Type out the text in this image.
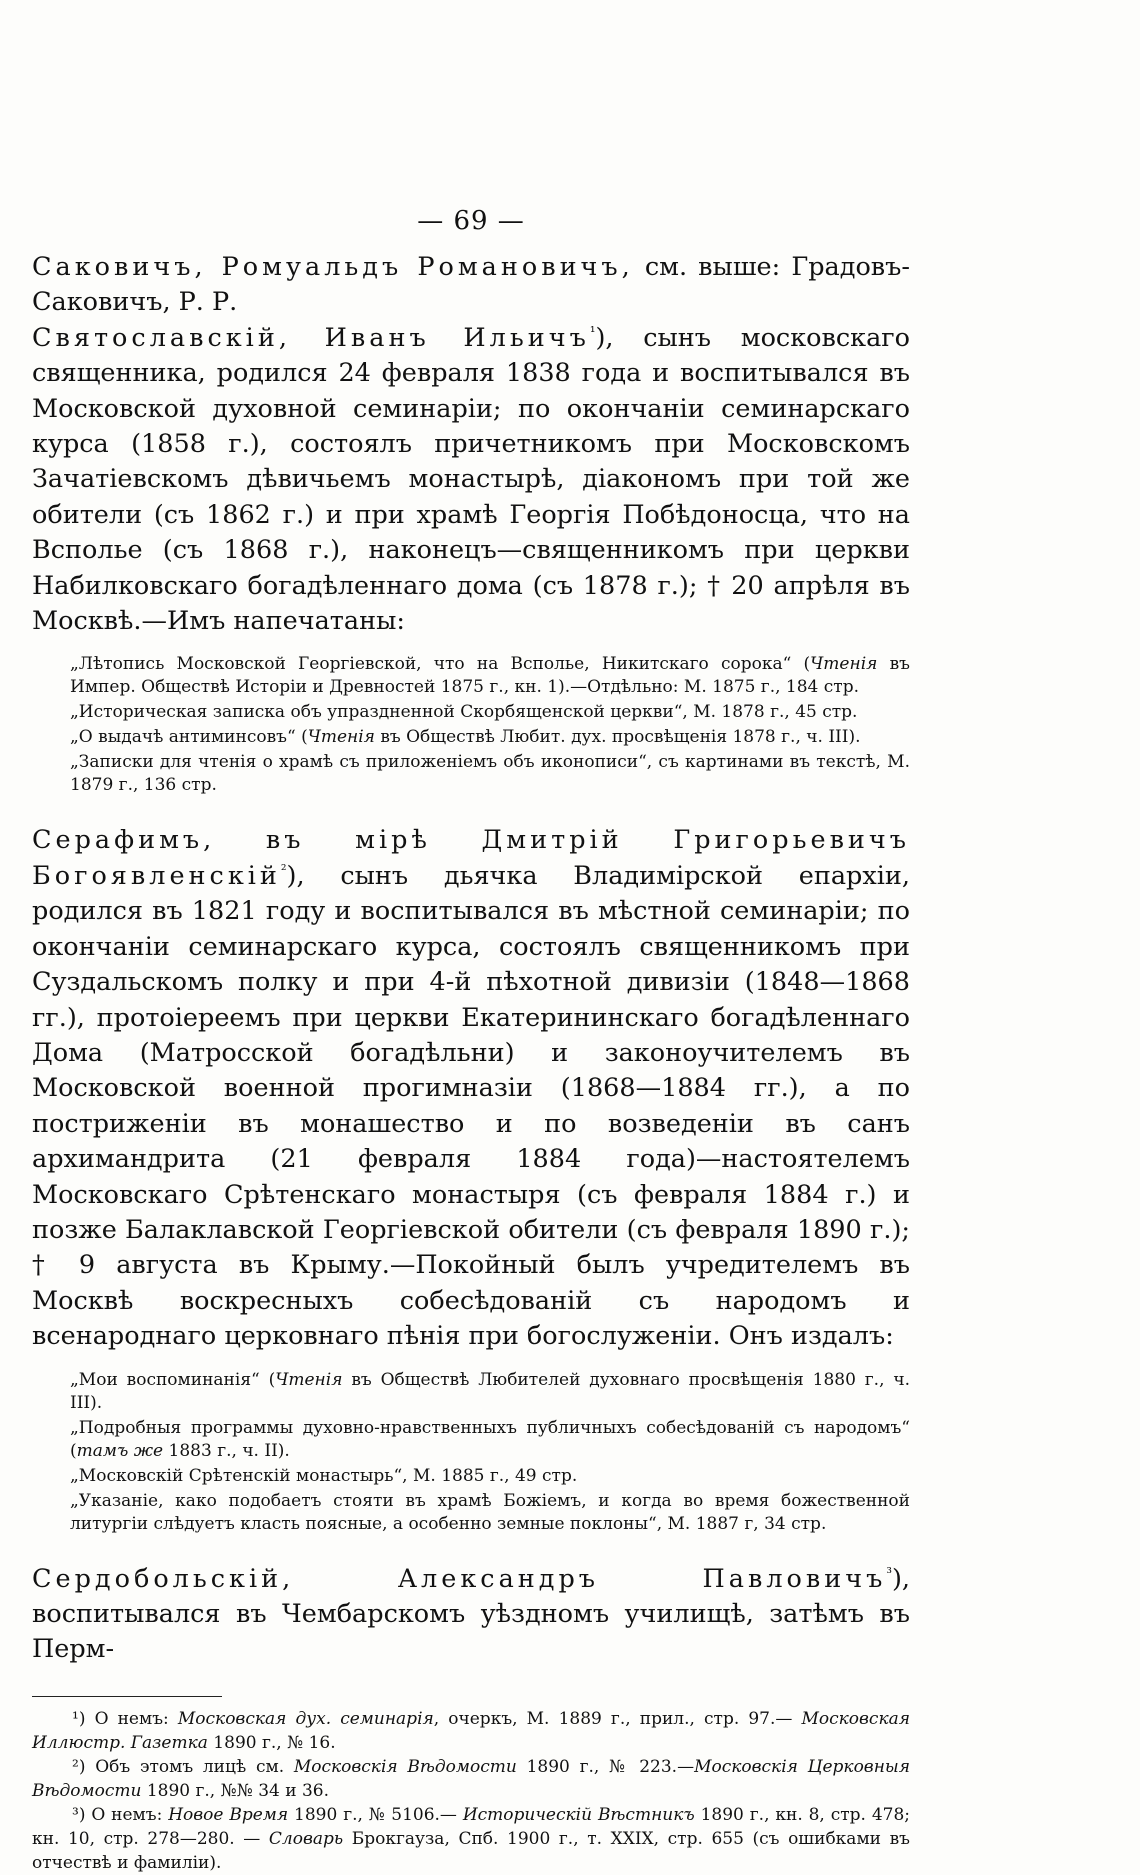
— 69 —

Саковичъ, Ромуальдъ Романовичъ, см. выше: Градовъ-Саковичъ, Р. Р.

Святославскій, Иванъ Ильичъ$^{^1}$), сынъ московскаго священника, родился 24 февраля 1838 года и воспитывался въ Московской духовной семинаріи; по окончаніи семинарскаго курса (1858 г.), состоялъ причетникомъ при Московскомъ Зачатіевскомъ дѣвичьемъ монастырѣ, діакономъ при той же обители (съ 1862 г.) и при храмѣ Георгія Побѣдоносца, что на Всполье (съ 1868 г.), наконецъ—священникомъ при церкви Набилковскаго богадѣленнаго дома (съ 1878 г.); † 20 апрѣля въ Москвѣ.—Имъ напечатаны:

„Лѣтопись Московской Георгіевской, что на Всполье, Никитскаго сорока“ (Чтенія въ Импер. Обществѣ Исторіи и Древностей 1875 г., кн. 1).—Отдѣльно: М. 1875 г., 184 стр.

„Историческая записка объ упраздненной Скорбященской церкви“, М. 1878 г., 45 стр.

„О выдачѣ антиминсовъ“ (Чтенія въ Обществѣ Любит. дух. просвѣщенія 1878 г., ч. III).

„Записки для чтенія о храмѣ съ приложеніемъ объ иконописи“, съ картинами въ текстѣ, М. 1879 г., 136 стр.

Серафимъ, въ мірѣ Дмитрій Григорьевичъ Богоявленскій$^{^2}$), сынъ дьячка Владимірской епархіи, родился въ 1821 году и воспитывался въ мѣстной семинаріи; по окончаніи семинарскаго курса, состоялъ священникомъ при Суздальскомъ полку и при 4-й пѣхотной дивизіи (1848—1868 гг.), протоіереемъ при церкви Екатерининскаго богадѣленнаго Дома (Матросской богадѣльни) и законоучителемъ въ Московской военной прогимназіи (1868—1884 гг.), а по постриженіи въ монашество и по возведеніи въ санъ архимандрита (21 февраля 1884 года)—настоятелемъ Московскаго Срѣтенскаго монастыря (съ февраля 1884 г.) и позже Балаклавской Георгіевской обители (съ февраля 1890 г.); † 9 августа въ Крыму.—Покойный былъ учредителемъ въ Москвѣ воскресныхъ собесѣдованій съ народомъ и всенароднаго церковнаго пѣнія при богослуженіи. Онъ издалъ:

„Мои воспоминанія“ (Чтенія въ Обществѣ Любителей духовнаго просвѣщенія 1880 г., ч. III).

„Подробныя программы духовно-нравственныхъ публичныхъ собесѣдованій съ народомъ“ (тамъ же 1883 г., ч. II).

„Московскій Срѣтенскій монастырь“, М. 1885 г., 49 стр.

„Указаніе, како подобаетъ стояти въ храмѣ Божіемъ, и когда во время божественной литургіи слѣдуетъ класть поясные, а особенно земные поклоны“, М. 1887 г, 34 стр.

Сердобольскій, Александръ Павловичъ$^{^3}$), воспитывался въ Чембарскомъ уѣздномъ училищѣ, затѣмъ въ Перм-

¹) О немъ: Московская дух. семинарія, очеркъ, М. 1889 г., прил., стр. 97.— Московская Иллюстр. Газетка 1890 г., № 16.

²) Объ этомъ лицѣ см. Московскія Вѣдомости 1890 г., № 223.—Московскія Церковныя Вѣдомости 1890 г., №№ 34 и 36.

³) О немъ: Новое Время 1890 г., № 5106.— Историческій Вѣстникъ 1890 г., кн. 8, стр. 478; кн. 10, стр. 278—280. — Словарь Брокгауза, Спб. 1900 г., т. XXIX, стр. 655 (съ ошибками въ отчествѣ и фамиліи).
